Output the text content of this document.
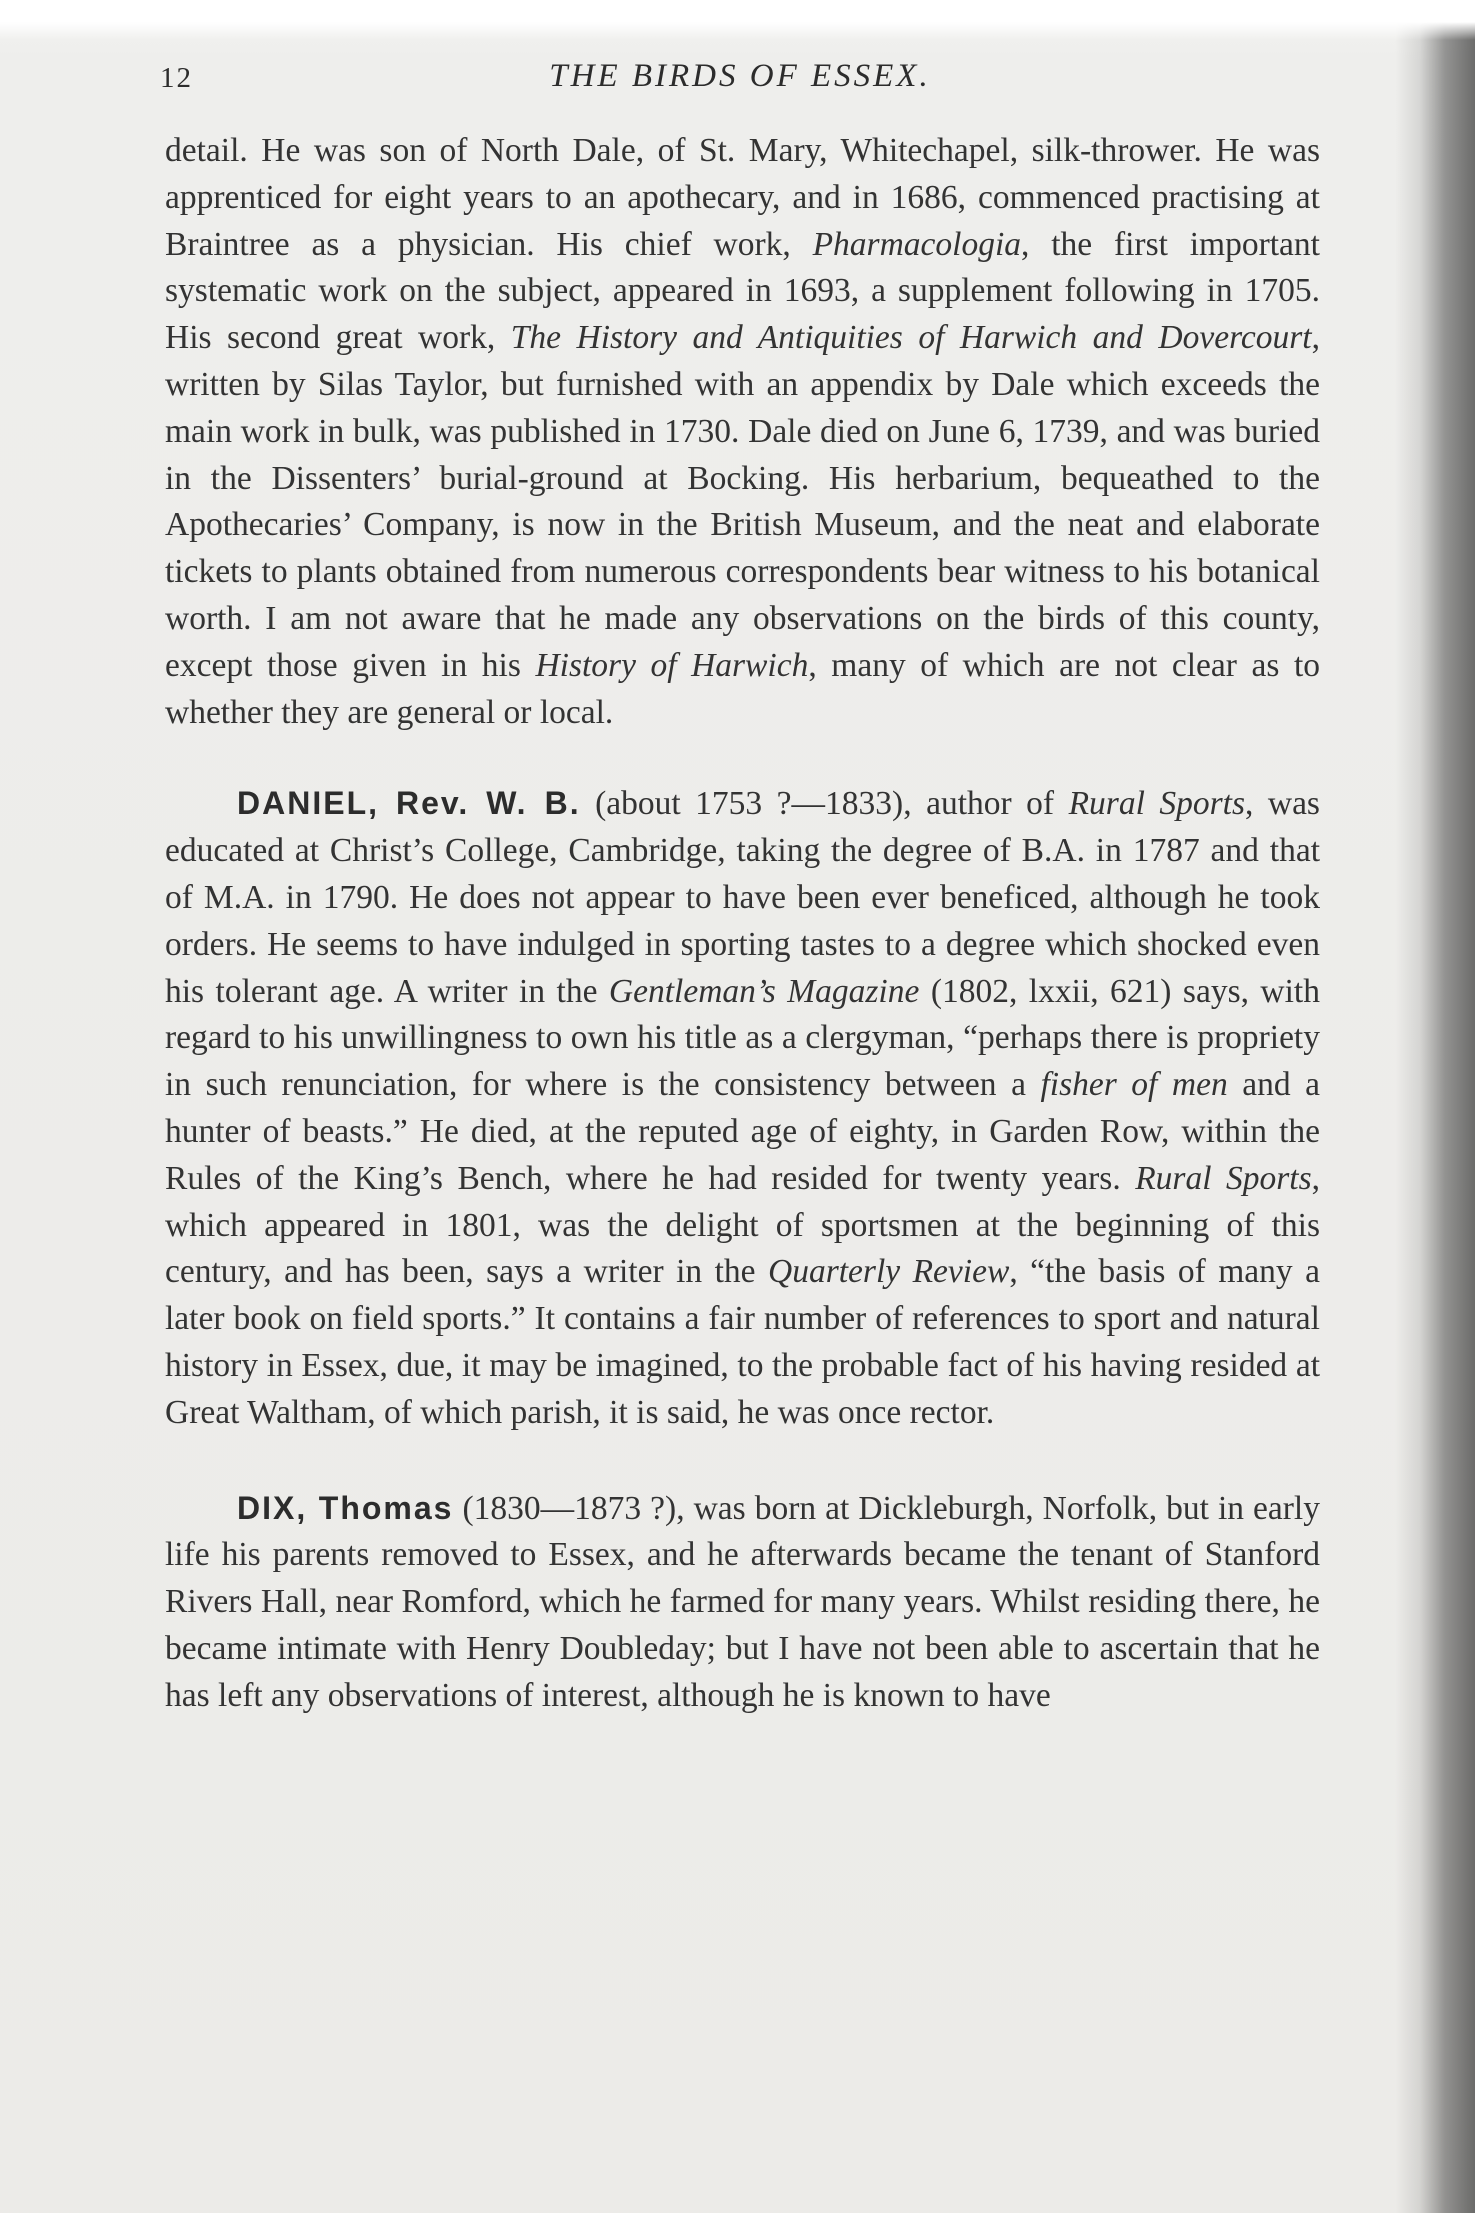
12	THE BIRDS OF ESSEX.

detail. He was son of North Dale, of St. Mary, Whitechapel, silk-thrower. He was apprenticed for eight years to an apothecary, and in 1686, commenced practising at Braintree as a physician. His chief work, Pharmacologia, the first important systematic work on the subject, appeared in 1693, a supplement following in 1705. His second great work, The History and Antiquities of Harwich and Dovercourt, written by Silas Taylor, but furnished with an appendix by Dale which exceeds the main work in bulk, was published in 1730. Dale died on June 6, 1739, and was buried in the Dissenters’ burial-ground at Bocking. His herbarium, bequeathed to the Apothecaries’ Company, is now in the British Museum, and the neat and elaborate tickets to plants obtained from numerous correspondents bear witness to his botanical worth. I am not aware that he made any observations on the birds of this county, except those given in his History of Harwich, many of which are not clear as to whether they are general or local.

DANIEL, Rev. W. B. (about 1753 ?—1833), author of Rural Sports, was educated at Christ’s College, Cambridge, taking the degree of B.A. in 1787 and that of M.A. in 1790. He does not appear to have been ever beneficed, although he took orders. He seems to have indulged in sporting tastes to a degree which shocked even his tolerant age. A writer in the Gentleman’s Magazine (1802, lxxii, 621) says, with regard to his unwillingness to own his title as a clergyman, “perhaps there is propriety in such renunciation, for where is the consistency between a fisher of men and a hunter of beasts.” He died, at the reputed age of eighty, in Garden Row, within the Rules of the King’s Bench, where he had resided for twenty years. Rural Sports, which appeared in 1801, was the delight of sportsmen at the beginning of this century, and has been, says a writer in the Quarterly Review, “the basis of many a later book on field sports.” It contains a fair number of references to sport and natural history in Essex, due, it may be imagined, to the probable fact of his having resided at Great Waltham, of which parish, it is said, he was once rector.

DIX, Thomas (1830—1873 ?), was born at Dickleburgh, Norfolk, but in early life his parents removed to Essex, and he afterwards became the tenant of Stanford Rivers Hall, near Romford, which he farmed for many years. Whilst residing there, he became intimate with Henry Doubleday; but I have not been able to ascertain that he has left any observations of interest, although he is known to have
